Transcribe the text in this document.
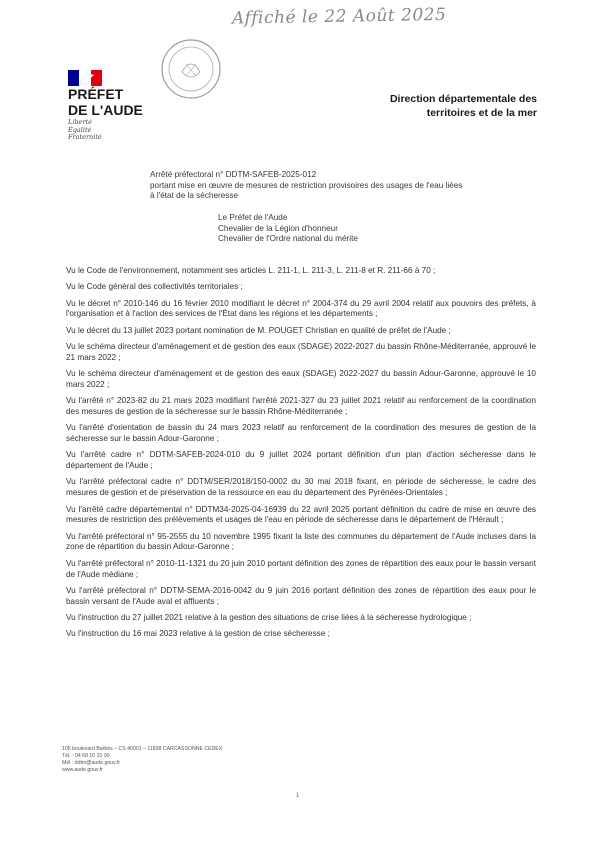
Affiché le 22 Août 2025
· · · · · · ·
PRÉFET
DE L'AUDE
Liberté
Égalité
Fraternité
Direction départementale des
territoires et de la mer
Arrêté préfectoral n° DDTM-SAFEB-2025-012
portant mise en œuvre de mesures de restriction provisoires des usages de l'eau liées
à l'état de la sécheresse
Le Préfet de l'Aude
Chevalier de la Légion d'honneur
Chevalier de l'Ordre national du mérite
Vu le Code de l'environnement, notamment ses articles L. 211-1, L. 211-3, L. 211-8 et R. 211-66 à 70 ;
Vu le Code général des collectivités territoriales ;
Vu le décret n° 2010-146 du 16 février 2010 modifiant le décret n° 2004-374 du 29 avril 2004 relatif aux pouvoirs des préfets, à l'organisation et à l'action des services de l'État dans les régions et les départements ;
Vu le décret du 13 juillet 2023 portant nomination de M. POUGET Christian en qualité de préfet de l'Aude ;
Vu le schéma directeur d'aménagement et de gestion des eaux (SDAGE) 2022-2027 du bassin Rhône-Méditerranée, approuvé le 21 mars 2022 ;
Vu le schéma directeur d'aménagement et de gestion des eaux (SDAGE) 2022-2027 du bassin Adour-Garonne, approuvé le 10 mars 2022 ;
Vu l'arrêté n° 2023-82 du 21 mars 2023 modifiant l'arrêté 2021-327 du 23 juillet 2021 relatif au renforcement de la coordination des mesures de gestion de la sécheresse sur le bassin Rhône-Méditerranée ;
Vu l'arrêté d'orientation de bassin du 24 mars 2023 relatif au renforcement de la coordination des mesures de gestion de la sécheresse sur le bassin Adour-Garonne ;
Vu l'arrêté cadre n° DDTM-SAFEB-2024-010 du 9 juillet 2024 portant définition d'un plan d'action sécheresse dans le département de l'Aude ;
Vu l'arrêté préfectoral cadre n° DDTM/SER/2018/150-0002 du 30 mai 2018 fixant, en période de sécheresse, le cadre des mesures de gestion et de préservation de la ressource en eau du département des Pyrénées-Orientales ;
Vu l'arrêté cadre départemental n° DDTM34-2025-04-16939 du 22 avril 2025 portant définition du cadre de mise en œuvre des mesures de restriction des prélèvements et usages de l'eau en période de sécheresse dans le département de l'Hérault ;
Vu l'arrêté préfectoral n° 95-2555 du 10 novembre 1995 fixant la liste des communes du département de l'Aude incluses dans la zone de répartition du bassin Adour-Garonne ;
Vu l'arrêté préfectoral n° 2010-11-1321 du 20 juin 2010 portant définition des zones de répartition des eaux pour le bassin versant de l'Aude médiane ;
Vu l'arrêté préfectoral n° DDTM-SEMA-2016-0042 du 9 juin 2016 portant définition des zones de répartition des eaux pour le bassin versant de l'Aude aval et affluents ;
Vu l'instruction du 27 juillet 2021 relative à la gestion des situations de crise liées à la sécheresse hydrologique ;
Vu l'instruction du 16 mai 2023 relative à la gestion de crise sécheresse ;
105 boulevard Barbès – CS 40001 – 11838 CARCASSONNE CEDEX
Tél. : 04 68 10 31 00
Mél : ddtm@aude.gouv.fr
www.aude.gouv.fr
1
